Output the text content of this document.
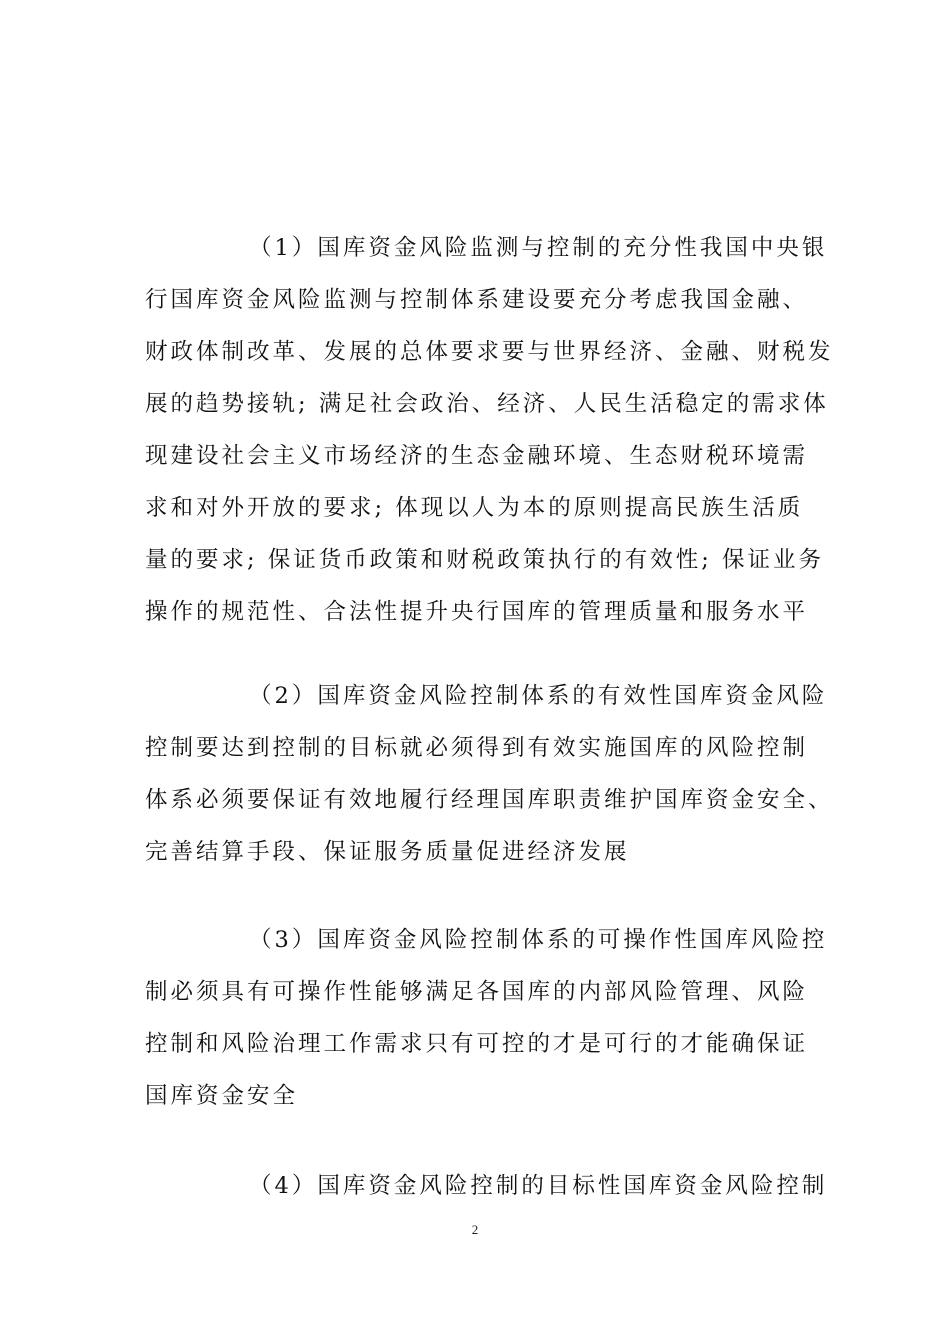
（1）国库资金风险监测与控制的充分性我国中央银
行国库资金风险监测与控制体系建设要充分考虑我国金融、
财政体制改革、发展的总体要求要与世界经济、金融、财税发
展的趋势接轨; 满足社会政治、经济、人民生活稳定的需求体
现建设社会主义市场经济的生态金融环境、生态财税环境需
求和对外开放的要求; 体现以人为本的原则提高民族生活质
量的要求; 保证货币政策和财税政策执行的有效性; 保证业务
操作的规范性、合法性提升央行国库的管理质量和服务水平
（2）国库资金风险控制体系的有效性国库资金风险
控制要达到控制的目标就必须得到有效实施国库的风险控制
体系必须要保证有效地履行经理国库职责维护国库资金安全、
完善结算手段、保证服务质量促进经济发展
（3）国库资金风险控制体系的可操作性国库风险控
制必须具有可操作性能够满足各国库的内部风险管理、风险
控制和风险治理工作需求只有可控的才是可行的才能确保证
国库资金安全
（4）国库资金风险控制的目标性国库资金风险控制
2
